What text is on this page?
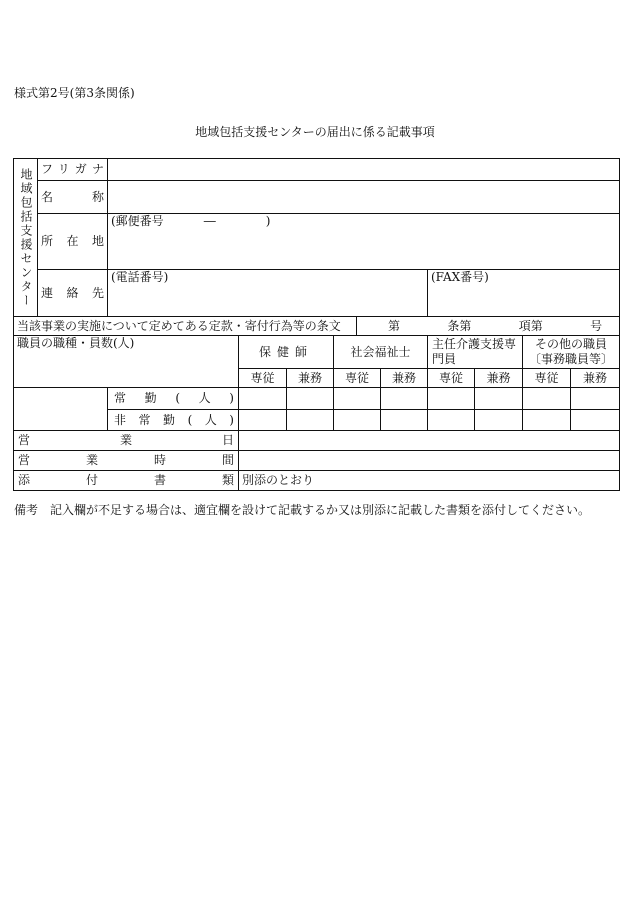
様式第2号(第3条関係)
地域包括支援センターの届出に係る記載事項
地域包括支援センター	フリガナ										

	名称										

	所在地	(郵便番号 ― )									

	連絡先	(電話番号)						(FAX番号)			
当該事業の実施について定めてある定款・寄付行為等の条文						第 条第 項第 号					

職員の職種・員数(人)			保健師		社会福祉士			主任介護支援専門員		その他の職員〔事務職員等〕	
			専従	兼務	専従		兼務	専従	兼務	専従	兼務

		常勤(人)									

		非常勤(人)									

営業日											

営業時間											

添付書類			別添のとおり								
備考　記入欄が不足する場合は、適宜欄を設けて記載するか又は別添に記載した書類を添付してください。
